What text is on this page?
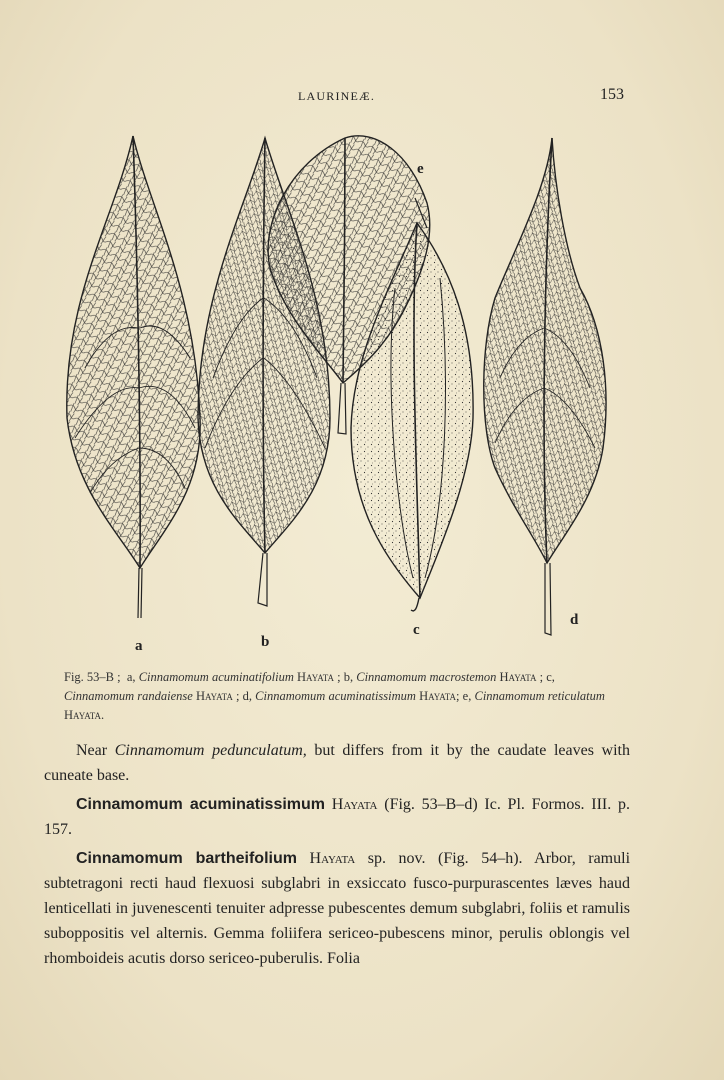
LAURINEÆ.	153
a	b
c
d
e
Fig. 53–B ; a, Cinnamomum acuminatifolium Hayata ; b, Cinnamomum macrostemon Hayata ; c, Cinnamomum randaiense Hayata ; d, Cinnamomum acuminatissimum Hayata; e, Cinnamomum reticulatum Hayata.

Near Cinnamomum pedunculatum, but differs from it by the caudate leaves with cuneate base.

Cinnamomum acuminatissimum Hayata (Fig. 53–B–d) Ic. Pl. Formos. III. p. 157.

Cinnamomum bartheifolium Hayata sp. nov. (Fig. 54–h). Arbor, ramuli subtetragoni recti haud flexuosi subglabri in exsiccato fusco-purpurascentes læves haud lenticellati in juvenescenti tenuiter adpresse pubescentes demum subglabri, foliis et ramulis suboppositis vel alternis. Gemma foliifera sericeo-pubescens minor, perulis oblongis vel rhomboideis acutis dorso sericeo-puberulis. Folia
